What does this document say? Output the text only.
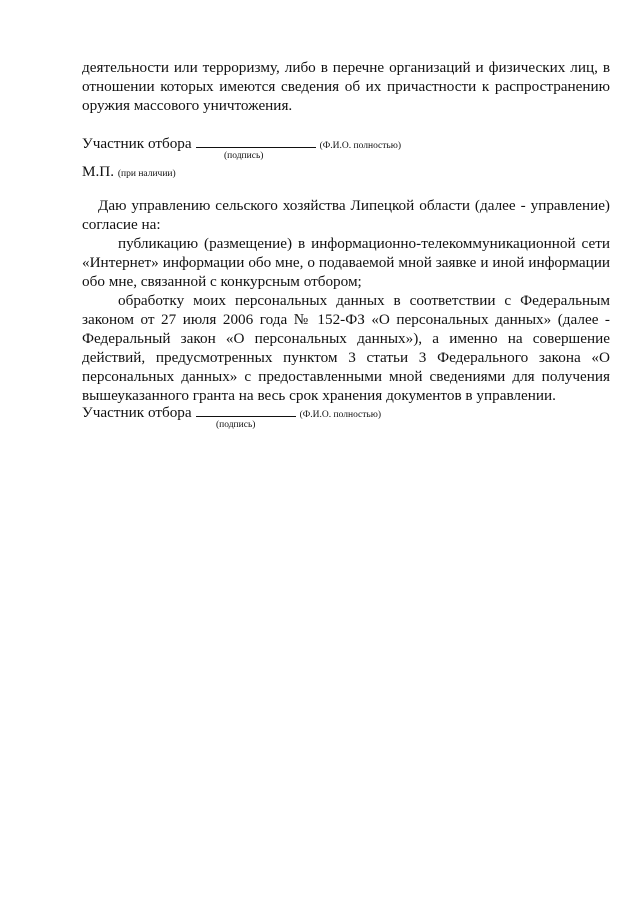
деятельности или терроризму, либо в перечне организаций и физических лиц, в отношении которых имеются сведения об их причастности к распространению оружия массового уничтожения.

Участник отбора	(Ф.И.О. полностью)
(подпись)
М.П. (при наличии)

Даю управлению сельского хозяйства Липецкой области (далее - управление) согласие на:

публикацию (размещение) в информационно-телекоммуникационной сети «Интернет» информации обо мне, о подаваемой мной заявке и иной информации обо мне, связанной с конкурсным отбором;

обработку моих персональных данных в соответствии с Федеральным законом от 27 июля 2006 года № 152-ФЗ «О персональных данных» (далее - Федеральный закон «О персональных данных»), а именно на совершение действий, предусмотренных пунктом 3 статьи 3 Федерального закона «О персональных данных» с предоставленными мной сведениями для получения вышеуказанного гранта на весь срок хранения документов в управлении.

Участник отбора	(Ф.И.О. полностью)
(подпись)
